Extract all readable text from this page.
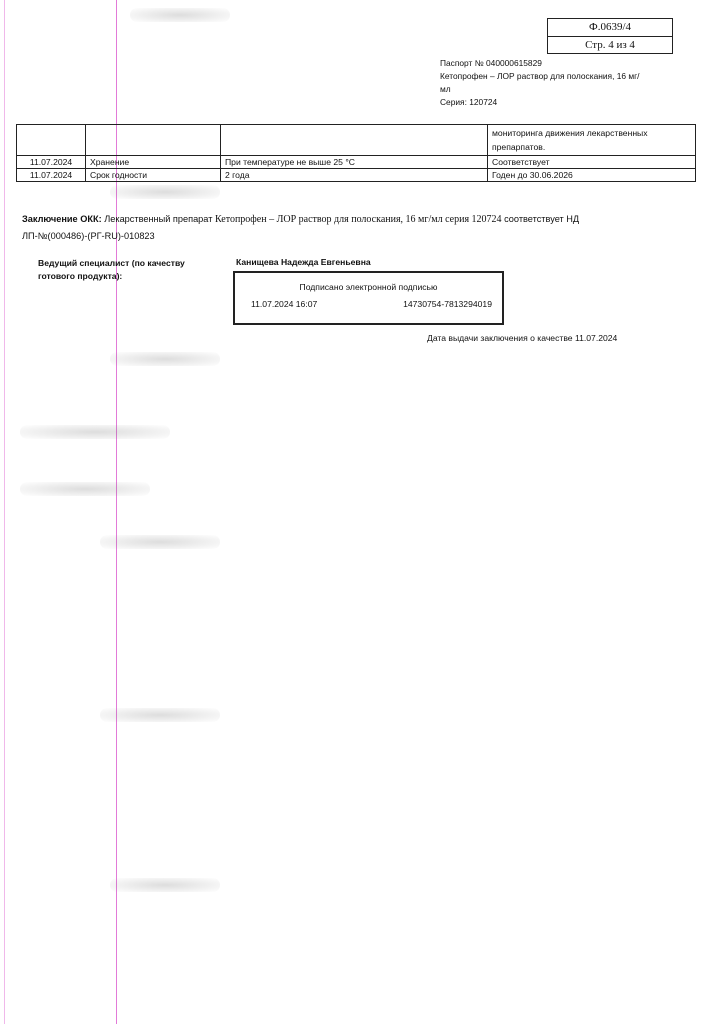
Ф.0639/4
Стр. 4 из 4
Паспорт № 040000615829
Кетопрофен – ЛОР раствор для полоскания, 16 мг/мл
Серия: 120724
			мониторинга движения лекарственных препарпатов.
11.07.2024	Хранение	При температуре не выше 25 °C	Соответствует
11.07.2024	Срок годности	2 года	Годен до 30.06.2026
Заключение ОКК: Лекарственный препарат Кетопрофен – ЛОР раствор для полоскания, 16 мг/мл серия 120724 соответствует НД
ЛП-№(000486)-(РГ-RU)-010823
Ведущий специалист (по качеству готового продукта):
Канищева Надежда Евгеньевна
Подписано электронной подписью
11.07.2024 16:07	14730754-7813294019
Дата выдачи заключения о качестве 11.07.2024
